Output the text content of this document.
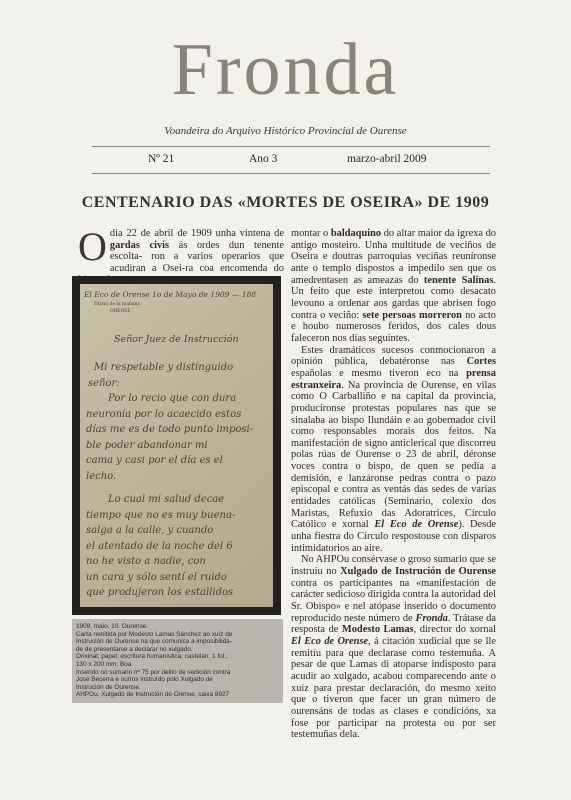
Fronda
Voandeira do Arquivo Histórico Provincial de Ourense
Nº 21	Ano 3	marzo-abril 2009
CENTENARIO DAS «MORTES DE OSEIRA» DE 1909

Odia 22 de abril de 1909 unha vintena de gardas civís ás ordes dun tenente escolta- ron a varios operarios que acudiran a Osei-ra coa encomenda do

El Eco de Orense 1o de Mayo de 1909 — 188
Diario de la mañana
ORENSE
Señor Juez de Instrucción
Mi respetable y distinguido
señor:
Por lo recio que con dura
neuronia por lo acaecido estos
días me es de todo punto imposi-
ble poder abandonar mi
cama y casi por el día es el
lecho.
Lo cual mi salud decae
tiempo que no es muy buena-
salga a la calle, y cuando
el atentado de la noche del 6
no he visto a nadie, con
un cara y sólo sentí el ruido
que produjeron los estallidos
1909, maio, 10. Ourense.
Carta remitida por Modesto Lamas Sánchez ao xuíz de
Instrución de Ourense na que comunica a imposibilida-
de de presentarse a declarar no xulgado.
Orixinal; papel; escritura humanística; castelán; 1 fol.;
130 x 200 mm; Boa
Inserido no sumario nº 75 por delito de sedición contra
José Becerra e outros instruído polo Xulgado de
Instrución de Ourense.
AHPOu, Xulgado de Instrución de Orense, caixa 8927

montar o baldaquino do altar maior da igrexa do antigo mosteiro. Unha multitude de veciños de Oseira e doutras parroquias veciñas reuníronse ante o templo dispostos a impedilo sen que os amedrentasen as ameazas do tenente Salinas. Un feito que este interpretou como desacato levouno a ordenar aos gardas que abrisen fogo contra o veciño: sete persoas morreron no acto e houbo numerosos feridos, dos cales dous faleceron nos días seguintes.

Estes dramáticos sucesos conmocionaron a opinión pública, debatéronse nas Cortes españolas e mesmo tiveron eco na prensa estranxeira. Na provincia de Ourense, en vilas como O Carballiño e na capital da provincia, producíronse protestas populares nas que se sinalaba ao bispo Ilundáin e ao gobernador civil como responsables morais dos feitos. Na manifestación de signo anticlerical que discorreu polas rúas de Ourense o 23 de abril, déronse voces contra o bispo, de quen se pedía a demisión, e lanzáronse pedras contra o pazo episcopal e contra as ventás das sedes de varias entidades católicas (Seminario, colexio dos Maristas, Refuxio das Adoratrices, Círculo Católico e xornal El Eco de Orense). Desde unha fiestra do Círculo respostouse con disparos intimidatorios ao aire.

No AHPOu consérvase o groso sumario que se instruíu no Xulgado de Instrución de Ourense contra os participantes na «manifestación de carácter sedicioso dirigida contra la autoridad del Sr. Obispo» e nel atópase inserido o documento reproducido neste número de Fronda. Trátase da resposta de Modesto Lamas, director do xornal El Eco de Orense, á citación xudicial que se lle remitíu para que declarase como testemuña. A pesar de que Lamas di atoparse indisposto para acudir ao xulgado, acabou comparecendo ante o xuíz para prestar declaración, do mesmo xeito que o tiveron que facer un gran número de ourensáns de todas as clases e condicións, xa fose por participar na protesta ou por ser testemuñas dela.
